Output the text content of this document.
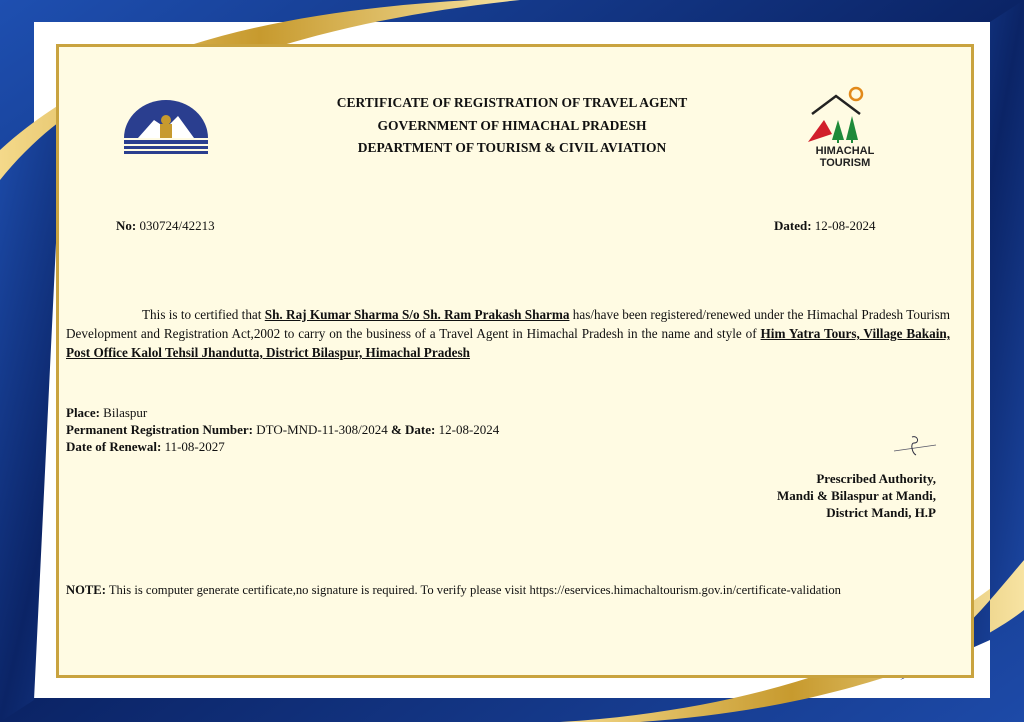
HIMACHAL
TOURISM
CERTIFICATE OF REGISTRATION OF TRAVEL AGENT
GOVERNMENT OF HIMACHAL PRADESH
DEPARTMENT OF TOURISM & CIVIL AVIATION
No: 030724/42213	Dated: 12-08-2024
This is to certified that Sh. Raj Kumar Sharma S/o Sh. Ram Prakash Sharma has/have been registered/renewed under the Himachal Pradesh Tourism Development and Registration Act,2002 to carry on the business of a Travel Agent in Himachal Pradesh in the name and style of Him Yatra Tours, Village Bakain, Post Office Kalol Tehsil Jhandutta, District Bilaspur, Himachal Pradesh
Place: Bilaspur
Permanent Registration Number: DTO-MND-11-308/2024 & Date: 12-08-2024
Date of Renewal: 11-08-2027
Prescribed Authority,
Mandi & Bilaspur at Mandi,
District Mandi, H.P
NOTE: This is computer generate certificate,no signature is required. To verify please visit https://eservices.himachaltourism.gov.in/certificate-validation
